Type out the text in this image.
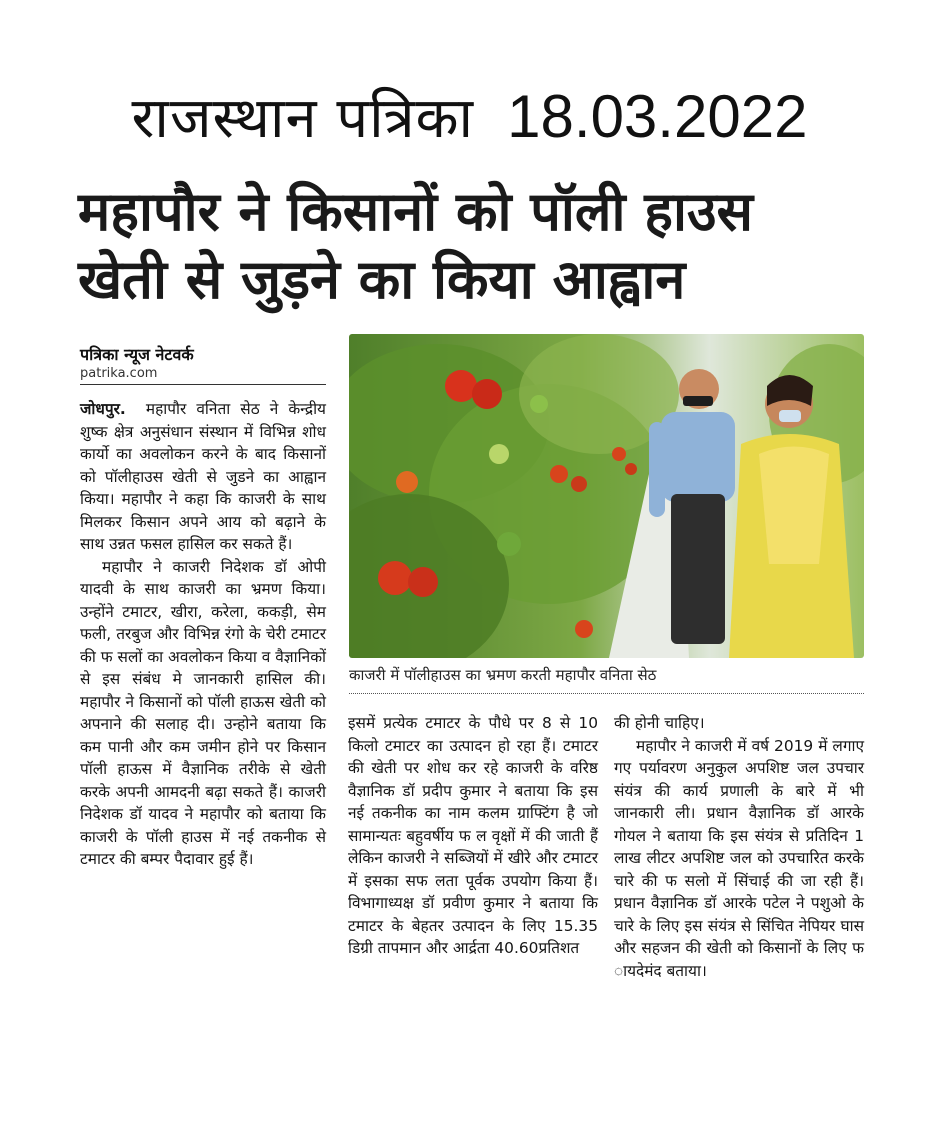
राजस्थान पत्रिका 18.03.2022
महापौर ने किसानों को पॉली हाउस
खेती से जुड़ने का किया आह्वान
पत्रिका न्यूज नेटवर्क
patrika.com

जोधपुर. महापौर वनिता सेठ ने केन्द्रीय शुष्क क्षेत्र अनुसंधान संस्थान में विभिन्न शोध कार्यो का अवलोकन करने के बाद किसानों को पॉलीहाउस खेती से जुडने का आह्वान किया। महापौर ने कहा कि काजरी के साथ मिलकर किसान अपने आय को बढ़ाने के साथ उन्नत फसल हासिल कर सकते हैं।

महापौर ने काजरी निदेशक डॉ ओपी यादवी के साथ काजरी का भ्रमण किया। उन्होंने टमाटर, खीरा, करेला, ककड़ी, सेम फली, तरबुज और विभिन्न रंगो के चेरी टमाटर की फ सलों का अवलोकन किया व वैज्ञानिकों से इस संबंध मे जानकारी हासिल की। महापौर ने किसानों को पॉली हाऊस खेती को अपनाने की सलाह दी। उन्होने बताया कि कम पानी और कम जमीन होने पर किसान पॉली हाऊस में वैज्ञानिक तरीके से खेती करके अपनी आमदनी बढ़ा सकते हैं। काजरी निदेशक डॉ यादव ने महापौर को बताया कि काजरी के पॉली हाउस में नई तकनीक से टमाटर की बम्पर पैदावार हुई हैं।

काजरी में पॉलीहाउस का भ्रमण करती महापौर वनिता सेठ

इसमें प्रत्येक टमाटर के पौधे पर 8 से 10 किलो टमाटर का उत्पादन हो रहा हैं। टमाटर की खेती पर शोध कर रहे काजरी के वरिष्ठ वैज्ञानिक डॉ प्रदीप कुमार ने बताया कि इस नई तकनीक का नाम कलम ग्राफ्टिंग है जो सामान्यतः बहुवर्षीय फ ल वृक्षों में की जाती हैं लेकिन काजरी ने सब्जियों में खीरे और टमाटर में इसका सफ लता पूर्वक उपयोग किया हैं। विभागाध्यक्ष डॉ प्रवीण कुमार ने बताया कि टमाटर के बेहतर उत्पादन के लिए 15.35 डिग्री तापमान और आर्द्रता 40.60प्रतिशत

की होनी चाहिए।

महापौर ने काजरी में वर्ष 2019 में लगाए गए पर्यावरण अनुकुल अपशिष्ट जल उपचार संयंत्र की कार्य प्रणाली के बारे में भी जानकारी ली। प्रधान वैज्ञानिक डॉ आरके गोयल ने बताया कि इस संयंत्र से प्रतिदिन 1 लाख लीटर अपशिष्ट जल को उपचारित करके चारे की फ सलो में सिंचाई की जा रही हैं। प्रधान वैज्ञानिक डॉ आरके पटेल ने पशुओ के चारे के लिए इस संयंत्र से सिंचित नेपियर घास और सहजन की खेती को किसानों के लिए फ ायदेमंद बताया।
